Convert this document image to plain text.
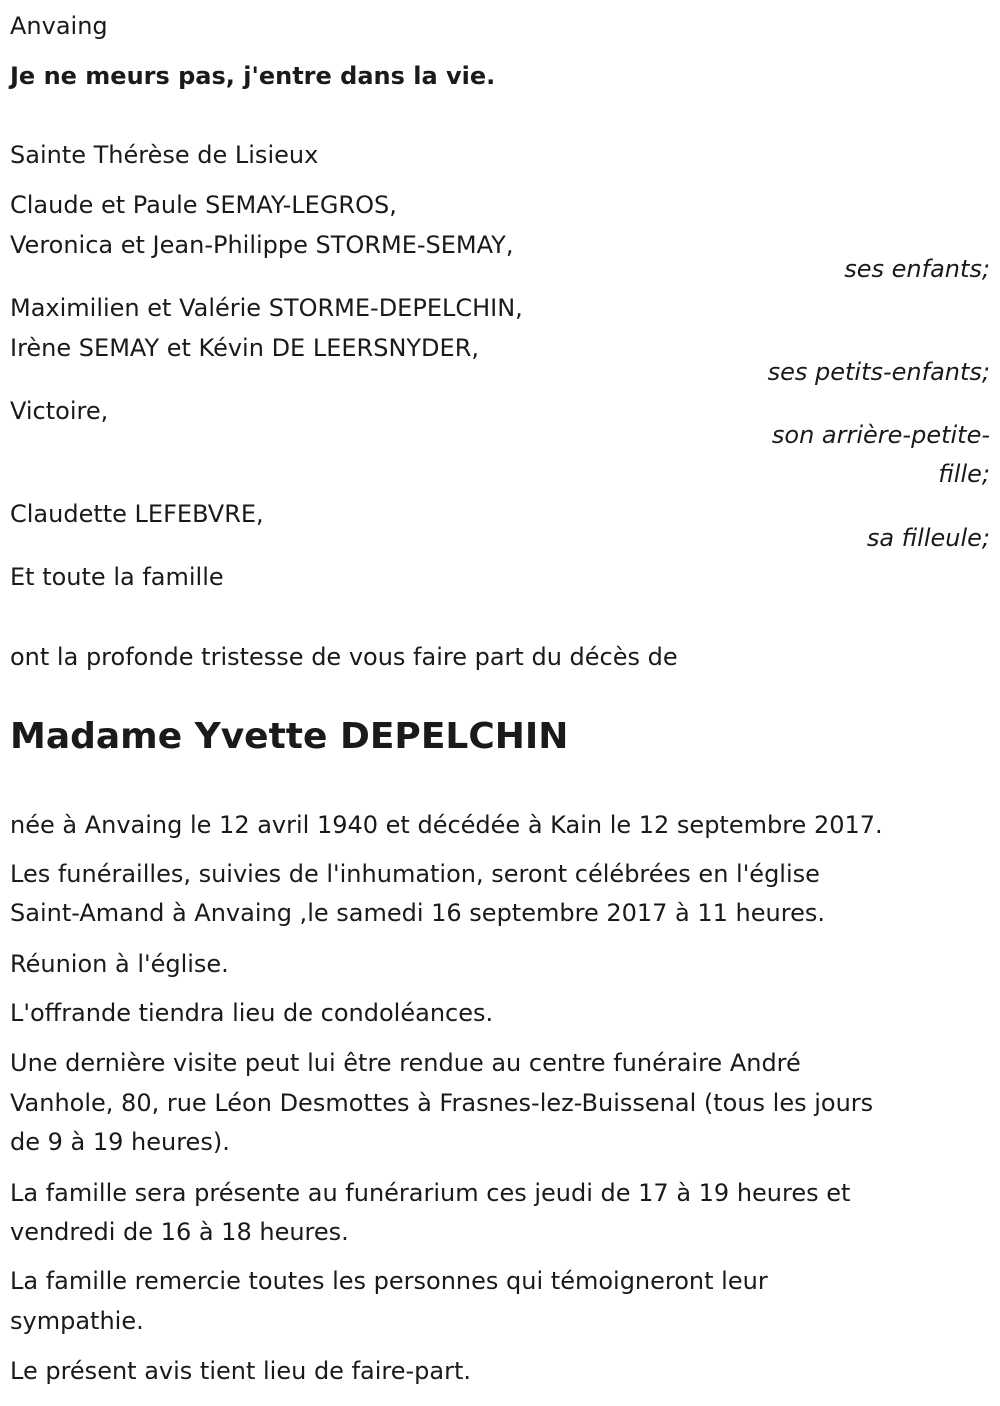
Anvaing
Je ne meurs pas, j'entre dans la vie.
Sainte Thérèse de Lisieux
Claude et Paule SEMAY-LEGROS,
Veronica et Jean-Philippe STORME-SEMAY,
ses enfants;
Maximilien et Valérie STORME-DEPELCHIN,
Irène SEMAY et Kévin DE LEERSNYDER,
ses petits-enfants;
Victoire,
son arrière-petite-
fille;
Claudette LEFEBVRE,
sa filleule;
Et toute la famille
ont la profonde tristesse de vous faire part du décès de
Madame Yvette DEPELCHIN
née à Anvaing le 12 avril 1940 et décédée à Kain le 12 septembre 2017.
Les funérailles, suivies de l'inhumation, seront célébrées en l'église
Saint-Amand à Anvaing ,le samedi 16 septembre 2017 à 11 heures.
Réunion à l'église.
L'offrande tiendra lieu de condoléances.
Une dernière visite peut lui être rendue au centre funéraire André
Vanhole, 80, rue Léon Desmottes à Frasnes-lez-Buissenal (tous les jours
de 9 à 19 heures).
La famille sera présente au funérarium ces jeudi de 17 à 19 heures et
vendredi de 16 à 18 heures.
La famille remercie toutes les personnes qui témoigneront leur
sympathie.
Le présent avis tient lieu de faire-part.
